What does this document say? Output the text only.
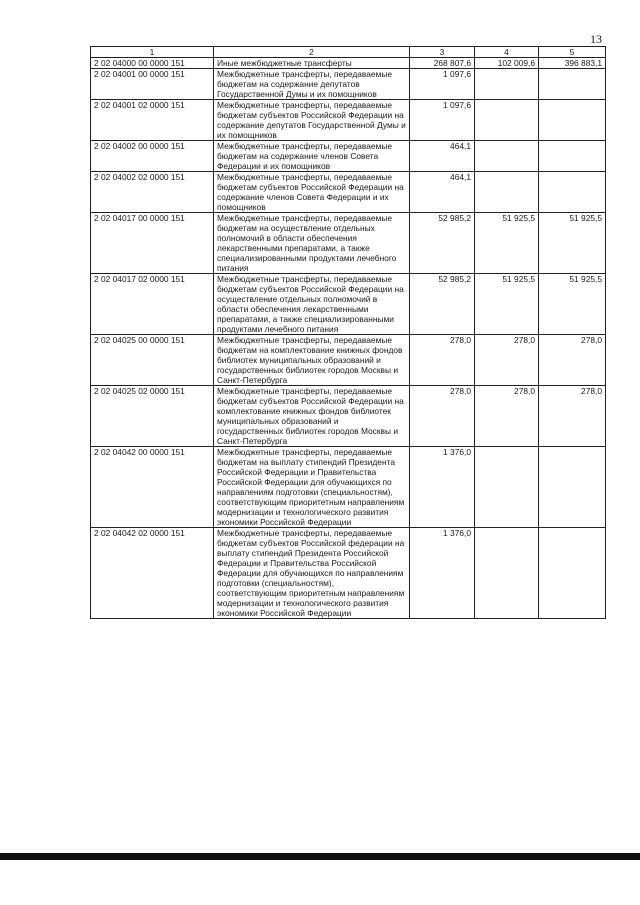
13
1	2	3	4	5
2 02 04000 00 0000 151	Иные межбюджетные трансферты	268 807,6	102 009,6	396 883,1
2 02 04001 00 0000 151	Межбюджетные трансферты, передаваемые бюджетам на содержание депутатов Государственной Думы и их помощников	1 097,6		
2 02 04001 02 0000 151	Межбюджетные трансферты, передаваемые бюджетам субъектов Российской Федерации на содержание депутатов Государственной Думы и их помощников	1 097,6		
2 02 04002 00 0000 151	Межбюджетные трансферты, передаваемые бюджетам на содержание членов Совета Федерации и их помощников	464,1		
2 02 04002 02 0000 151	Межбюджетные трансферты, передаваемые бюджетам субъектов Российской Федерации на содержание членов Совета Федерации и их помощников	464,1		
2 02 04017 00 0000 151	Межбюджетные трансферты, передаваемые бюджетам на осуществление отдельных полномочий в области обеспечения лекарственными препаратами, а также специализированными продуктами лечебного питания	52 985,2	51 925,5	51 925,5
2 02 04017 02 0000 151	Межбюджетные трансферты, передаваемые бюджетам субъектов Российской Федерации на осуществление отдельных полномочий в области обеспечения лекарственными препаратами, а также специализированными продуктами лечебного питания	52 985,2	51 925,5	51 925,5
2 02 04025 00 0000 151	Межбюджетные трансферты, передаваемые бюджетам на комплектование книжных фондов библиотек муниципальных образований и государственных библиотек городов Москвы и Санкт-Петербурга	278,0	278,0	278,0
2 02 04025 02 0000 151	Межбюджетные трансферты, передаваемые бюджетам субъектов Российской Федерации на комплектование книжных фондов библиотек муниципальных образований и государственных библиотек городов Москвы и Санкт-Петербурга	278,0	278,0	278,0
2 02 04042 00 0000 151	Межбюджетные трансферты, передаваемые бюджетам на выплату стипендий Президента Российской Федерации и Правительства Российской Федерации для обучающихся по направлениям подготовки (специальностям), соответствующим приоритетным направлениям модернизации и технологического развития экономики Российской Федерации	1 376,0		
2 02 04042 02 0000 151	Межбюджетные трансферты, передаваемые бюджетам субъектов Российской федерации на выплату стипендий Президента Российской Федерации и Правительства Российской Федерации для обучающихся по направлениям подготовки (специальностям), соответствующим приоритетным направлениям модернизации и технологического развития экономики Российской Федерации	1 376,0		
